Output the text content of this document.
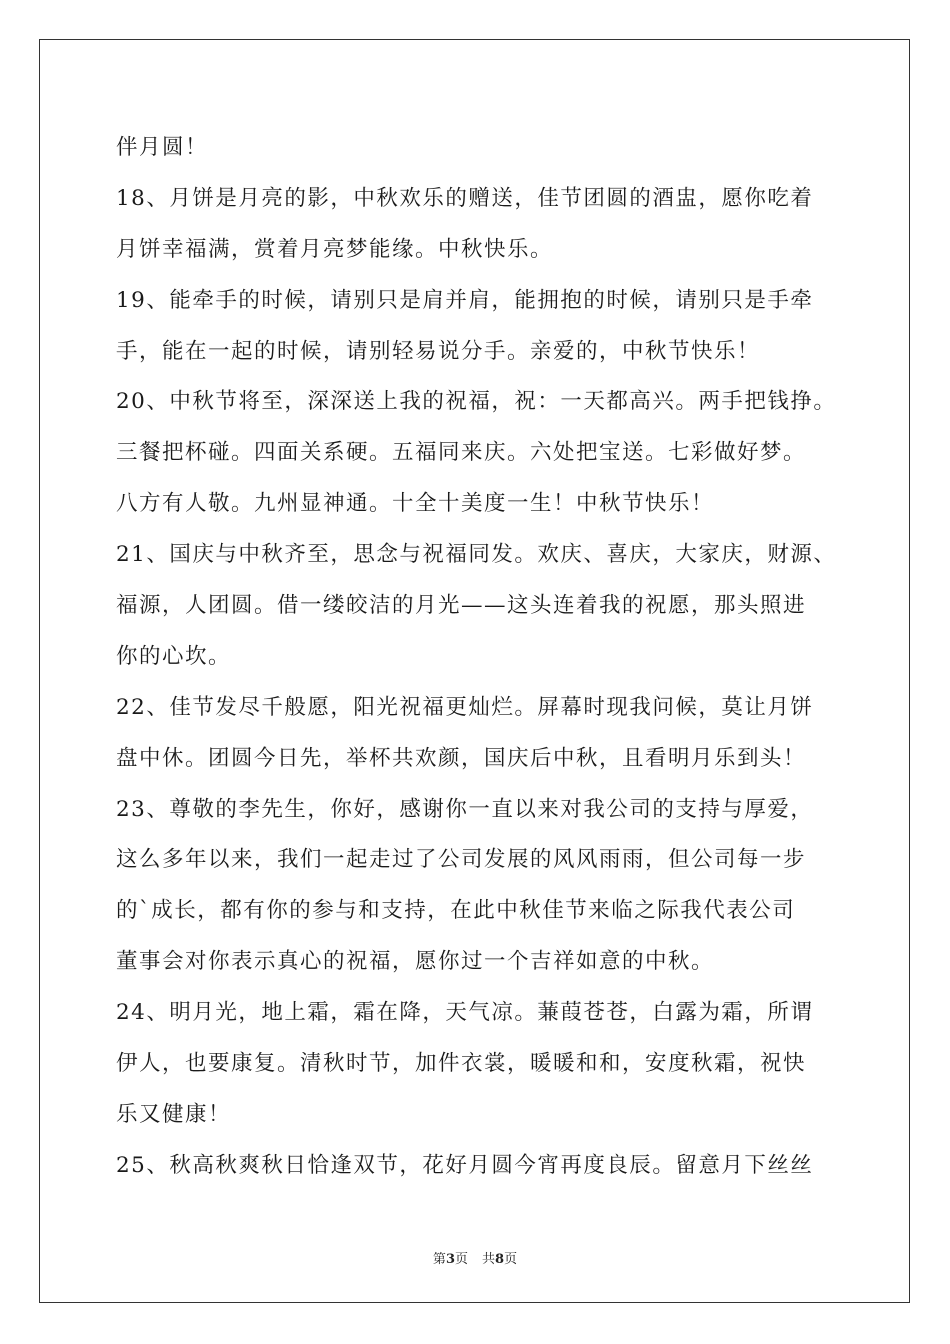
伴月圆！
18、月饼是月亮的影，中秋欢乐的赠送，佳节团圆的酒盅，愿你吃着
月饼幸福满，赏着月亮梦能缘。中秋快乐。
19、能牵手的时候，请别只是肩并肩，能拥抱的时候，请别只是手牵
手，能在一起的时候，请别轻易说分手。亲爱的，中秋节快乐！
20、中秋节将至，深深送上我的祝福，祝：一天都高兴。两手把钱挣。
三餐把杯碰。四面关系硬。五福同来庆。六处把宝送。七彩做好梦。
八方有人敬。九州显神通。十全十美度一生！中秋节快乐！
21、国庆与中秋齐至，思念与祝福同发。欢庆、喜庆，大家庆，财源、
福源，人团圆。借一缕皎洁的月光——这头连着我的祝愿，那头照进
你的心坎。
22、佳节发尽千般愿，阳光祝福更灿烂。屏幕时现我问候，莫让月饼
盘中休。团圆今日先，举杯共欢颜，国庆后中秋，且看明月乐到头！
23、尊敬的李先生，你好，感谢你一直以来对我公司的支持与厚爱，
这么多年以来，我们一起走过了公司发展的风风雨雨，但公司每一步
的`成长，都有你的参与和支持，在此中秋佳节来临之际我代表公司
董事会对你表示真心的祝福，愿你过一个吉祥如意的中秋。
24、明月光，地上霜，霜在降，天气凉。蒹葭苍苍，白露为霜，所谓
伊人，也要康复。清秋时节，加件衣裳，暖暖和和，安度秋霜，祝快
乐又健康！
25、秋高秋爽秋日恰逢双节，花好月圆今宵再度良辰。留意月下丝丝
第3页 共8页
